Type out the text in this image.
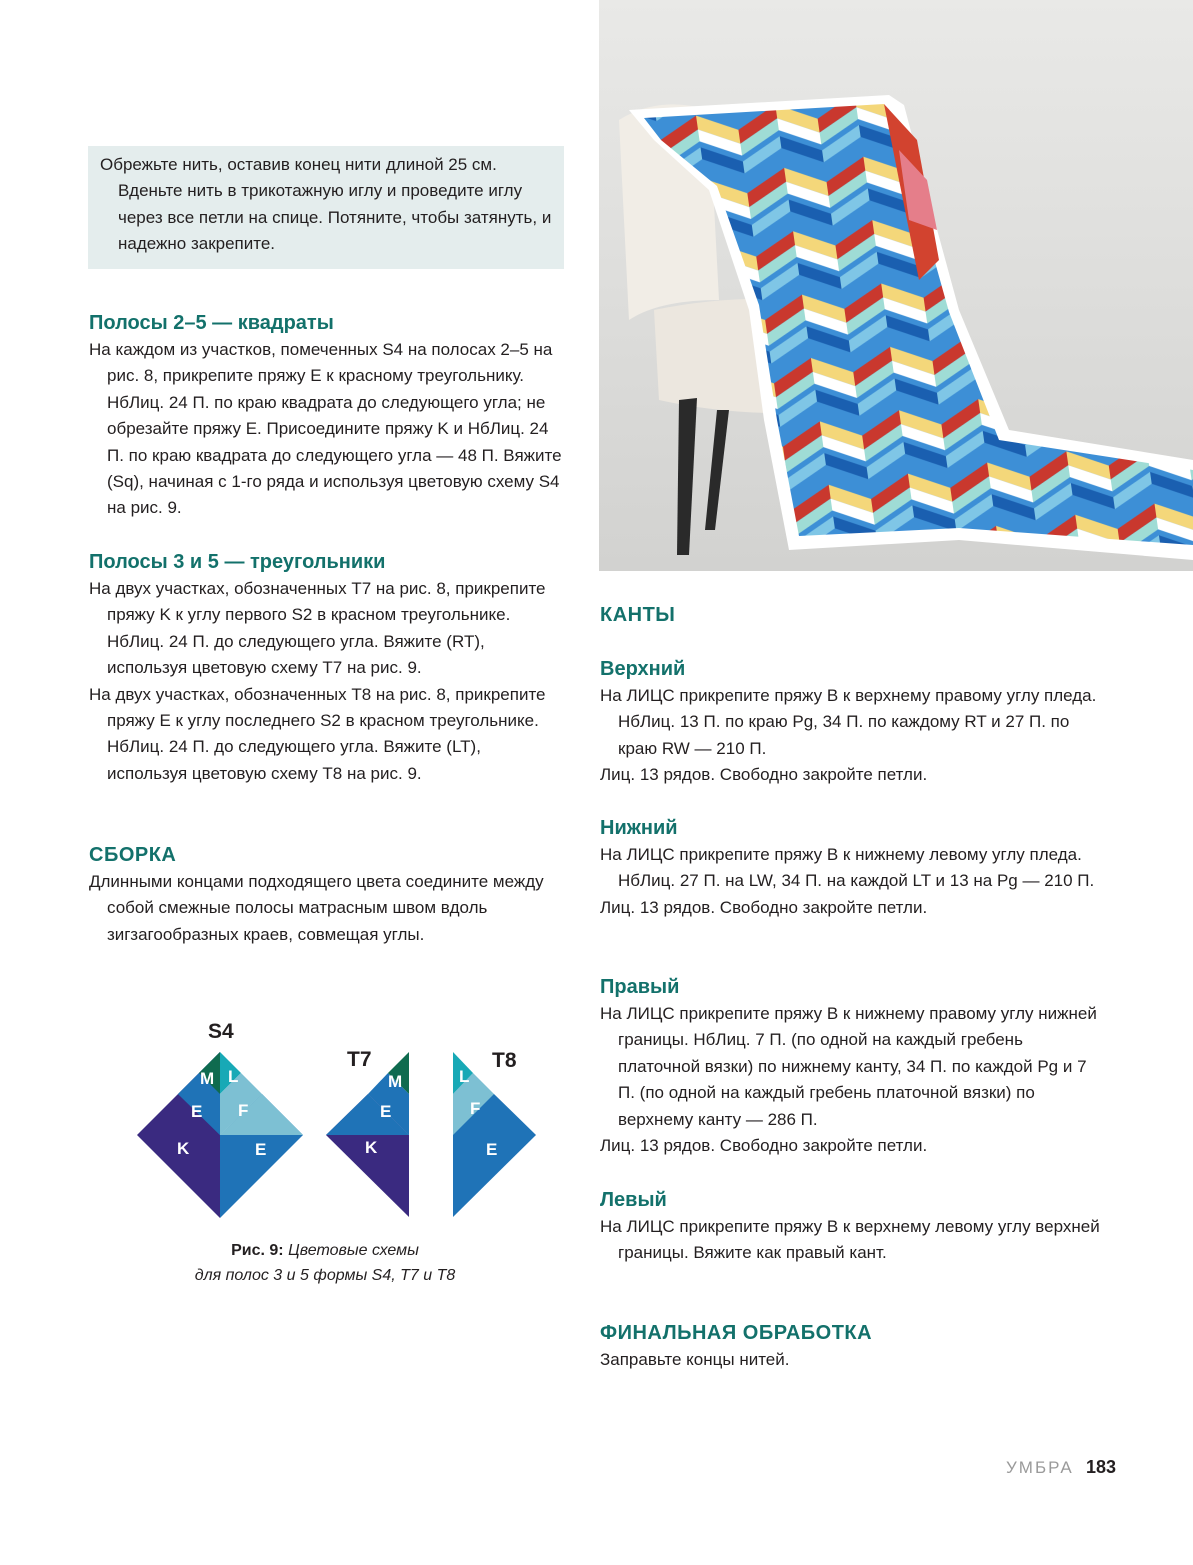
Обрежьте нить, оставив конец нити длиной 25 см. Вденьте нить в трикотажную иглу и проведите иглу через все петли на спице. Потяните, чтобы затянуть, и надежно закрепите.

Полосы 2–5 — квадраты

На каждом из участков, помеченных S4 на полосах 2–5 на рис. 8, прикрепите пряжу E к красному треугольнику. НбЛиц. 24 П. по краю квадрата до следующего угла; не обрезайте пряжу E. Присоедините пряжу K и НбЛиц. 24 П. по краю квадрата до следующего угла — 48 П. Вяжите (Sq), начиная с 1-го ряда и используя цветовую схему S4 на рис. 9.

Полосы 3 и 5 — треугольники

На двух участках, обозначенных T7 на рис. 8, прикрепите пряжу K к углу первого S2 в красном треугольнике. НбЛиц. 24 П. до следующего угла. Вяжите (RT), используя цветовую схему T7 на рис. 9.

На двух участках, обозначенных T8 на рис. 8, прикрепите пряжу E к углу последнего S2 в красном треугольнике. НбЛиц. 24 П. до следующего угла. Вяжите (LT), используя цветовую схему T8 на рис. 9.

СБОРКА

Длинными концами подходящего цвета соедините между собой смежные полосы матрасным швом вдоль зигзагообразных краев, совмещая углы.

S4
M L
E F
K	E
T7
M
E
K
T8
L
F
E
Рис. 9: Цветовые схемы
для полос 3 и 5 формы S4, T7 и T8
КАНТЫ
Верхний

На ЛИЦС прикрепите пряжу B к верхнему правому углу пледа. НбЛиц. 13 П. по краю Pg, 34 П. по каждому RT и 27 П. по краю RW — 210 П.

Лиц. 13 рядов. Свободно закройте петли.

Нижний

На ЛИЦС прикрепите пряжу B к нижнему левому углу пледа. НбЛиц. 27 П. на LW, 34 П. на каждой LT и 13 на Pg — 210 П.

Лиц. 13 рядов. Свободно закройте петли.

Правый

На ЛИЦС прикрепите пряжу B к нижнему правому углу нижней границы. НбЛиц. 7 П. (по одной на каждый гребень платочной вязки) по нижнему канту, 34 П. по каждой Pg и 7 П. (по одной на каждый гребень платочной вязки) по верхнему канту — 286 П.

Лиц. 13 рядов. Свободно закройте петли.

Левый

На ЛИЦС прикрепите пряжу B к верхнему левому углу верхней границы. Вяжите как правый кант.

ФИНАЛЬНАЯ ОБРАБОТКА

Заправьте концы нитей.

УМБРА 183
